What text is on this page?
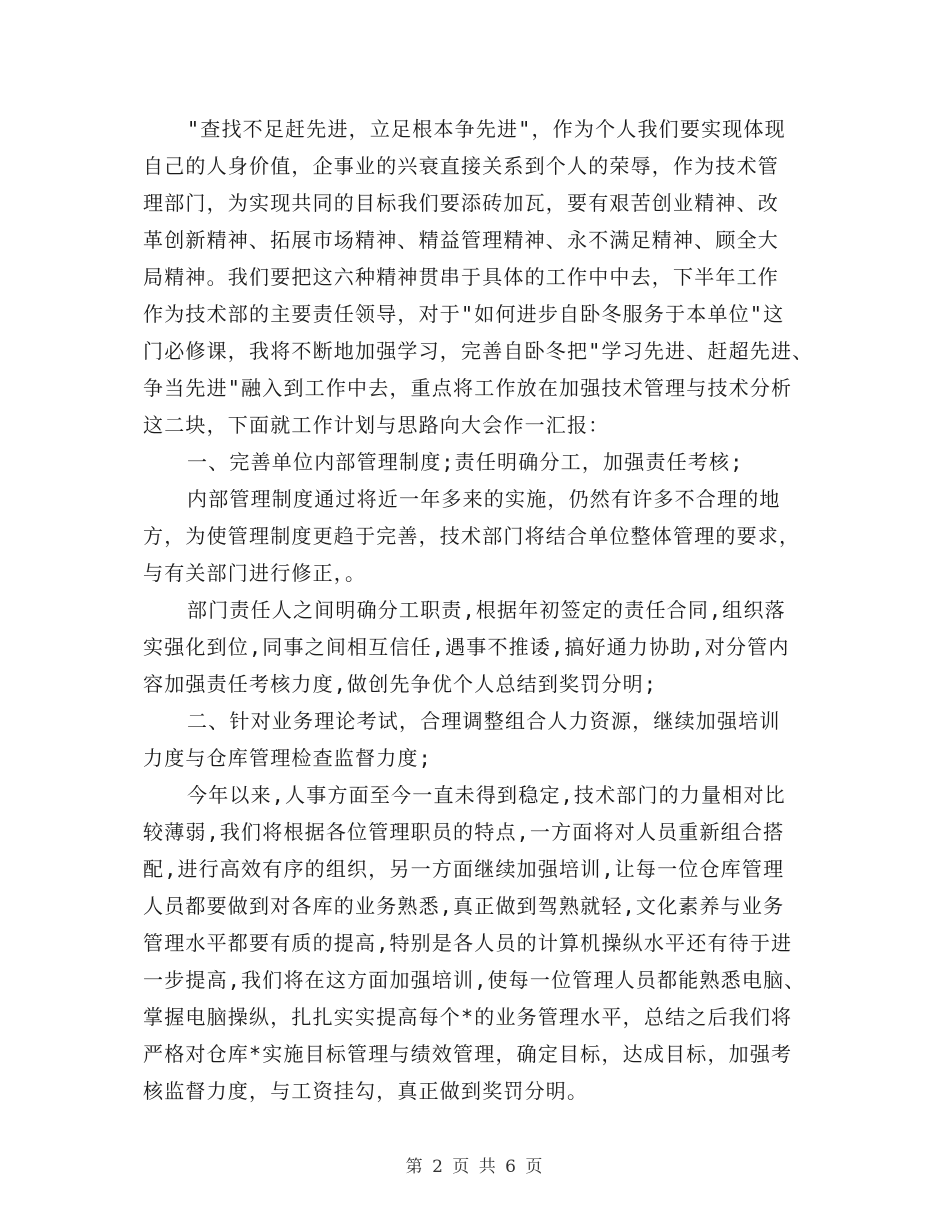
"查找不足赶先进，立足根本争先进"，作为个人我们要实现体现
自己的人身价值，企事业的兴衰直接关系到个人的荣辱，作为技术管
理部门，为实现共同的目标我们要添砖加瓦，要有艰苦创业精神、改
革创新精神、拓展市场精神、精益管理精神、永不满足精神、顾全大
局精神。我们要把这六种精神贯串于具体的工作中中去，下半年工作
作为技术部的主要责任领导，对于"如何进步自卧冬服务于本单位"这
门必修课，我将不断地加强学习，完善自卧冬把"学习先进、赶超先进、
争当先进"融入到工作中去，重点将工作放在加强技术管理与技术分析
这二块，下面就工作计划与思路向大会作一汇报：

一、完善单位内部管理制度;责任明确分工，加强责任考核;

内部管理制度通过将近一年多来的实施，仍然有许多不合理的地
方，为使管理制度更趋于完善，技术部门将结合单位整体管理的要求，
与有关部门进行修正，。

部门责任人之间明确分工职责,根据年初签定的责任合同,组织落
实强化到位,同事之间相互信任,遇事不推诿,搞好通力协助,对分管内
容加强责任考核力度,做创先争优个人总结到奖罚分明;

二、针对业务理论考试，合理调整组合人力资源，继续加强培训
力度与仓库管理检查监督力度;

今年以来,人事方面至今一直未得到稳定,技术部门的力量相对比
较薄弱,我们将根据各位管理职员的特点,一方面将对人员重新组合搭
配,进行高效有序的组织，另一方面继续加强培训,让每一位仓库管理
人员都要做到对各库的业务熟悉,真正做到驾熟就轻,文化素养与业务
管理水平都要有质的提高,特别是各人员的计算机操纵水平还有待于进
一步提高,我们将在这方面加强培训,使每一位管理人员都能熟悉电脑、
掌握电脑操纵，扎扎实实提高每个*的业务管理水平，总结之后我们将
严格对仓库*实施目标管理与绩效管理，确定目标，达成目标，加强考
核监督力度，与工资挂勾，真正做到奖罚分明。

第 2 页 共 6 页
